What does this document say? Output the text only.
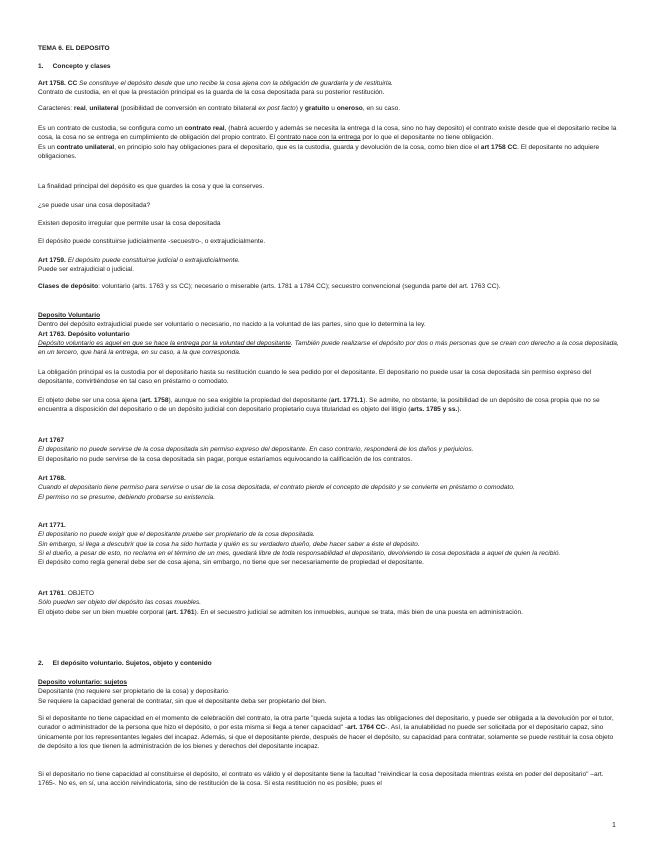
TEMA 6. EL DEPOSITO

1. Concepto y clases

Art 1758. CC Se constituye el depósito desde que uno recibe la cosa ajena con la obligación de guardarla y de restituirla.

Contrato de custodia, en el que la prestación principal es la guarda de la cosa depositada para su posterior restitución.

Caracteres: real, unilateral (posibilidad de conversión en contrato bilateral ex post facto) y gratuito u oneroso, en su caso.

Es un contrato de custodia, se configura como un contrato real, (habrá acuerdo y además se necesita la entrega d la cosa, sino no hay deposito) el contrato existe desde que el depositario recibe la cosa, la cosa no se entrega en cumplimiento de obligación del propio contrato. El contrato nace con la entrega por lo que el depositante no tiene obligación.

Es un contrato unilateral, en principio solo hay obligaciones para el depositario, que es la custodia, guarda y devolución de la cosa, como bien dice el art 1758 CC. El depositante no adquiere obligaciones.

La finalidad principal del depósito es que guardes la cosa y que la conserves.

¿se puede usar una cosa depositada?

Existen deposito irregular que permite usar la cosa depositada

El depósito puede constituirse judicialmente -secuestro-, o extrajudicialmente.

Art 1759. El depósito puede constituirse judicial o extrajudicialmente.

Puede ser extrajudicial o judicial.

Clases de depósito: voluntario (arts. 1763 y ss CC); necesario o miserable (arts. 1781 a 1784 CC); secuestro convencional (segunda parte del art. 1763 CC).

Deposito Voluntario

Dentro del depósito extrajudicial puede ser voluntario o necesario, no nacido a la voluntad de las partes, sino que lo determina la ley.

Art 1763. Depósito voluntario

Depósito voluntario es aquel en que se hace la entrega por la voluntad del depositante. También puede realizarse el depósito por dos o más personas que se crean con derecho a la cosa depositada, en un tercero, que hará la entrega, en su caso, a la que corresponda.

La obligación principal es la custodia por el depositario hasta su restitución cuando le sea pedido por el depositante. El depositario no puede usar la cosa depositada sin permiso expreso del depositante, convirtiéndose en tal caso en préstamo o comodato.

El objeto debe ser una cosa ajena (art. 1758), aunque no sea exigible la propiedad del depositante (art. 1771.1). Se admite, no obstante, la posibilidad de un depósito de cosa propia que no se encuentra a disposición del depositario o de un depósito judicial con depositario propietario cuya titularidad es objeto del litigio (arts. 1785 y ss.).

Art 1767

El depositario no puede servirse de la cosa depositada sin permiso expreso del depositante. En caso contrario, responderá de los daños y perjuicios.

El depositario no pude servirse de la cosa depositada sin pagar, porque estaríamos equivocando la calificación de los contratos.

Art 1768.

Cuando el depositario tiene permiso para servirse o usar de la cosa depositada, el contrato pierde el concepto de depósito y se convierte en préstamo o comodato.

El permiso no se presume, debiendo probarse su existencia.

Art 1771.

El depositario no puede exigir que el depositante pruebe ser propietario de la cosa depositada.

Sin embargo, si llega a descubrir que la cosa ha sido hurtada y quién es su verdadero dueño, debe hacer saber a éste el depósito.

Si el dueño, a pesar de esto, no reclama en el término de un mes, quedará libre de toda responsabilidad el depositario, devolviendo la cosa depositada a aquel de quien la recibió.

El depósito como regla general debe ser de cosa ajena, sin embargo, no tiene que ser necesariamente de propiedad el depositante.

Art 1761. OBJETO

Sólo pueden ser objeto del depósito las cosas muebles.

El objeto debe ser un bien mueble corporal (art. 1761). En el secuestro judicial se admiten los inmuebles, aunque se trata, más bien de una puesta en administración.

2. El depósito voluntario. Sujetos, objeto y contenido

Deposito voluntario: sujetos

Depositante (no requiere ser propietario de la cosa) y depositario.

Se requiere la capacidad general de contratar, sin que el depositante deba ser propietario del bien.

Si el depositante no tiene capacidad en el momento de celebración del contrato, la otra parte "queda sujeta a todas las obligaciones del depositario, y puede ser obligada a la devolución por el tutor, curador o administrador de la persona que hizo el depósito, o por esta misma si llega a tener capacidad" -art. 1764 CC-. Así, la anulabilidad no puede ser solicitada por el depositario capaz, sino únicamente por los representantes legales del incapaz. Además, si que el depositante pierde, después de hacer el depósito, su capacidad para contratar, solamente se puede restituir la cosa objeto de depósito a los que tienen la administración de los bienes y derechos del depositante incapaz.

Si el depositario no tiene capacidad al constituirse el depósito, el contrato es válido y el depositante tiene la facultad "reivindicar la cosa depositada mientras exista en poder del depositario" –art. 1765-. No es, en sí, una acción reivindicatoria, sino de restitución de la cosa. Si esta restitución no es posible, pues el

1
